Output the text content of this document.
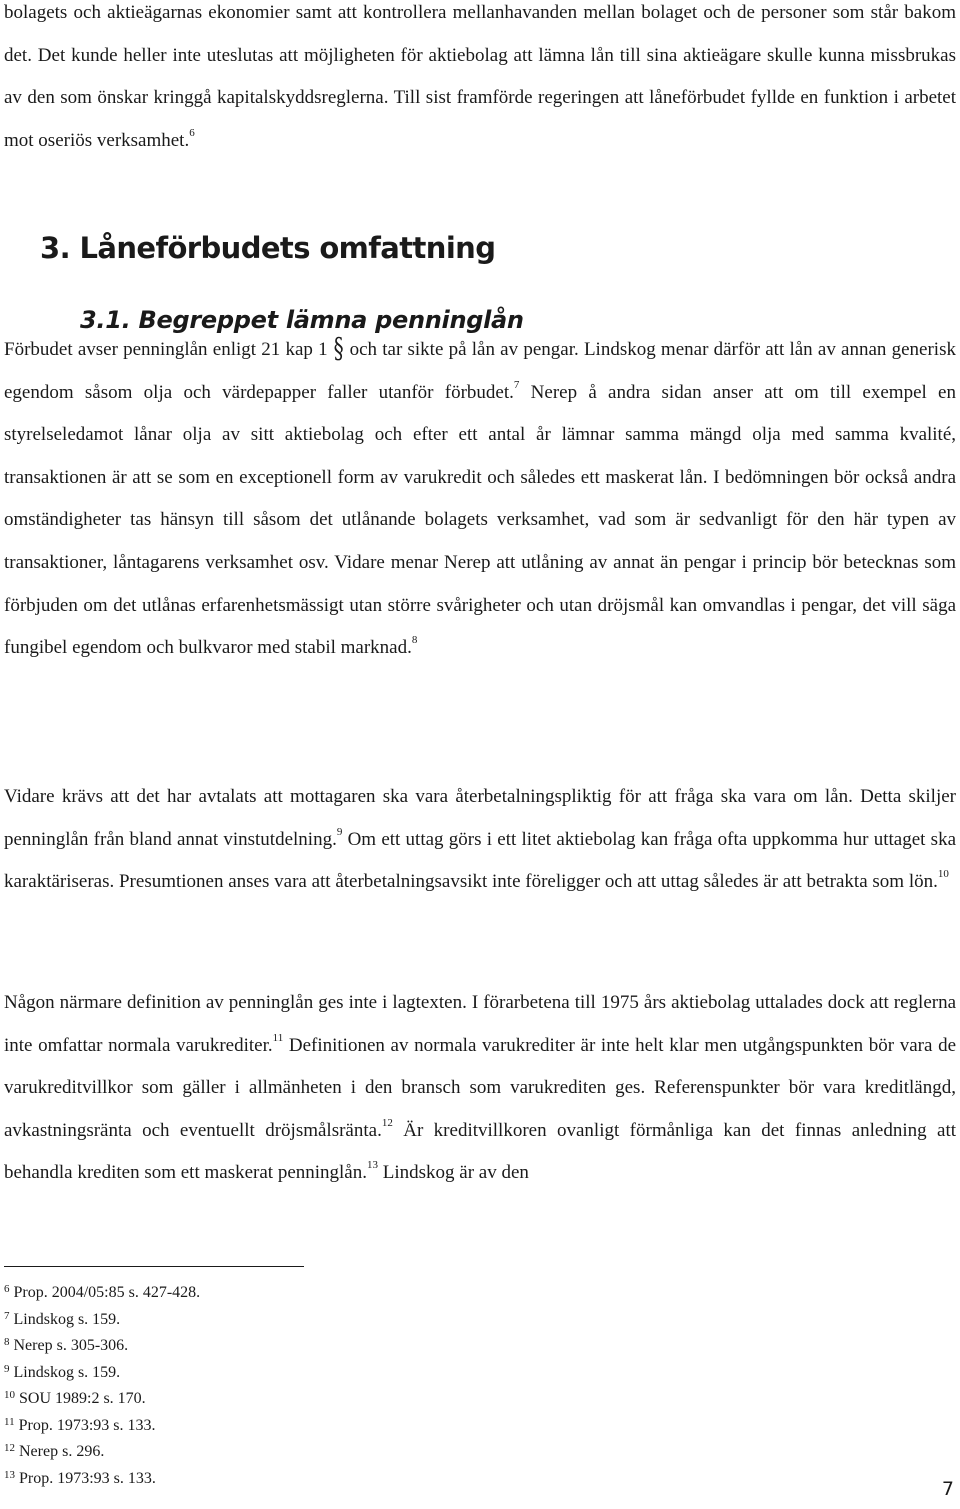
bolagets och aktieägarnas ekonomier samt att kontrollera mellanhavanden mellan bolaget och de personer som står bakom det. Det kunde heller inte uteslutas att möjligheten för aktiebolag att lämna lån till sina aktieägare skulle kunna missbrukas av den som önskar kringgå kapitalskyddsreglerna. Till sist framförde regeringen att låneförbudet fyllde en funktion i arbetet mot oseriös verksamhet.$^6$

3. Låneförbudets omfattning
3.1. Begreppet lämna penninglån

Förbudet avser penninglån enligt 21 kap 1 § och tar sikte på lån av pengar. Lindskog menar därför att lån av annan generisk egendom såsom olja och värdepapper faller utanför förbudet.$^7$ Nerep å andra sidan anser att om till exempel en styrelseledamot lånar olja av sitt aktiebolag och efter ett antal år lämnar samma mängd olja med samma kvalité, transaktionen är att se som en exceptionell form av varukredit och således ett maskerat lån. I bedömningen bör också andra omständigheter tas hänsyn till såsom det utlånande bolagets verksamhet, vad som är sedvanligt för den här typen av transaktioner, låntagarens verksamhet osv. Vidare menar Nerep att utlåning av annat än pengar i princip bör betecknas som förbjuden om det utlånas erfarenhetsmässigt utan större svårigheter och utan dröjsmål kan omvandlas i pengar, det vill säga fungibel egendom och bulkvaror med stabil marknad.$^8$

Vidare krävs att det har avtalats att mottagaren ska vara återbetalningspliktig för att fråga ska vara om lån. Detta skiljer penninglån från bland annat vinstutdelning.$^9$ Om ett uttag görs i ett litet aktiebolag kan fråga ofta uppkomma hur uttaget ska karaktäriseras. Presumtionen anses vara att återbetalningsavsikt inte föreligger och att uttag således är att betrakta som lön.$^{10}$

Någon närmare definition av penninglån ges inte i lagtexten. I förarbetena till 1975 års aktiebolag uttalades dock att reglerna inte omfattar normala varukrediter.$^{11}$ Definitionen av normala varukrediter är inte helt klar men utgångspunkten bör vara de varukreditvillkor som gäller i allmänheten i den bransch som varukrediten ges. Referenspunkter bör vara kreditlängd, avkastningsränta och eventuellt dröjsmålsränta.$^{12}$ Är kreditvillkoren ovanligt förmånliga kan det finnas anledning att behandla krediten som ett maskerat penninglån.$^{13}$ Lindskog är av den

$^6$ Prop. 2004/05:85 s. 427-428.
$^7$ Lindskog s. 159.
$^8$ Nerep s. 305-306.
$^9$ Lindskog s. 159.
$^{10}$ SOU 1989:2 s. 170.
$^{11}$ Prop. 1973:93 s. 133.
$^{12}$ Nerep s. 296.
$^{13}$ Prop. 1973:93 s. 133.	7
